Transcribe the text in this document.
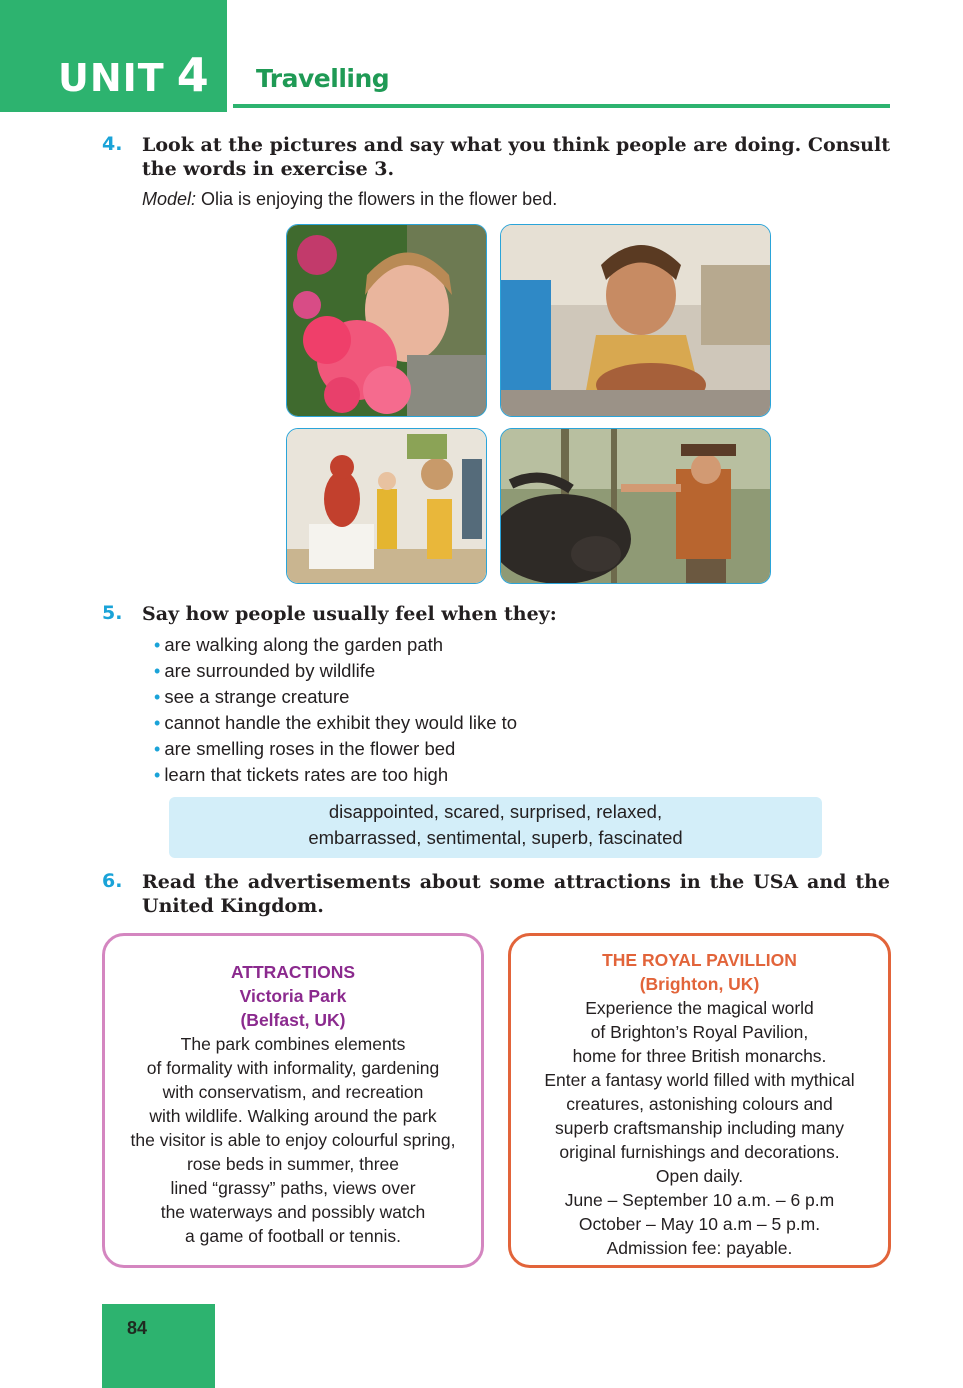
UNIT 4 Travelling
4. Look at the pictures and say what you think people are doing. Consult the words in exercise 3.
Model: Olia is enjoying the flowers in the flower bed.
5. Say how people usually feel when they:
• are walking along the garden path
• are surrounded by wildlife
• see a strange creature
• cannot handle the exhibit they would like to
• are smelling roses in the flower bed
• learn that tickets rates are too high
disappointed, scared, surprised, relaxed,
embarrassed, sentimental, superb, fascinated
6. Read the advertisements about some attractions in the USA and the United Kingdom.
ATTRACTIONS
Victoria Park
(Belfast, UK)
The park combines elements
of formality with informality, gardening
with conservatism, and recreation
with wildlife. Walking around the park
the visitor is able to enjoy colourful spring,
rose beds in summer, three
lined “grassy” paths, views over
the waterways and possibly watch
a game of football or tennis.
THE ROYAL PAVILLION
(Brighton, UK)
Experience the magical world
of Brighton’s Royal Pavilion,
home for three British monarchs.
Enter a fantasy world filled with mythical
creatures, astonishing colours and
superb craftsmanship including many
original furnishings and decorations.
Open daily.
June – September 10 a.m. – 6 p.m
October – May 10 a.m – 5 p.m.
Admission fee: payable.
84
